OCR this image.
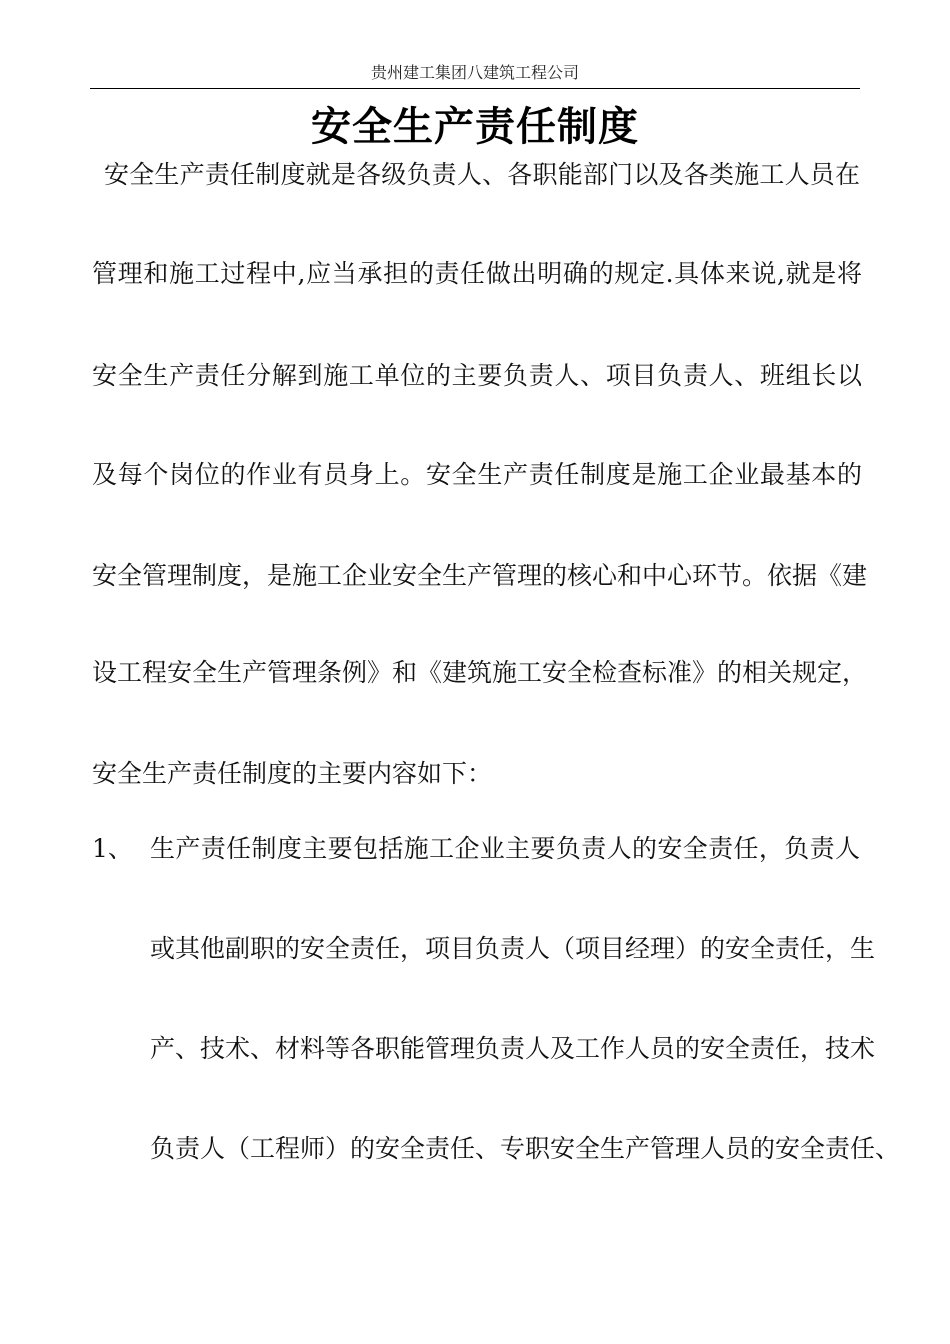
贵州建工集团八建筑工程公司
安全生产责任制度
安全生产责任制度就是各级负责人、各职能部门以及各类施工人员在
管理和施工过程中,应当承担的责任做出明确的规定.具体来说,就是将
安全生产责任分解到施工单位的主要负责人、项目负责人、班组长以
及每个岗位的作业有员身上。安全生产责任制度是施工企业最基本的
安全管理制度，是施工企业安全生产管理的核心和中心环节。依据《建
设工程安全生产管理条例》和《建筑施工安全检查标准》的相关规定，
安全生产责任制度的主要内容如下：
1、 生产责任制度主要包括施工企业主要负责人的安全责任，负责人
或其他副职的安全责任，项目负责人（项目经理）的安全责任，生
产、技术、材料等各职能管理负责人及工作人员的安全责任，技术
负责人（工程师）的安全责任、专职安全生产管理人员的安全责任、
